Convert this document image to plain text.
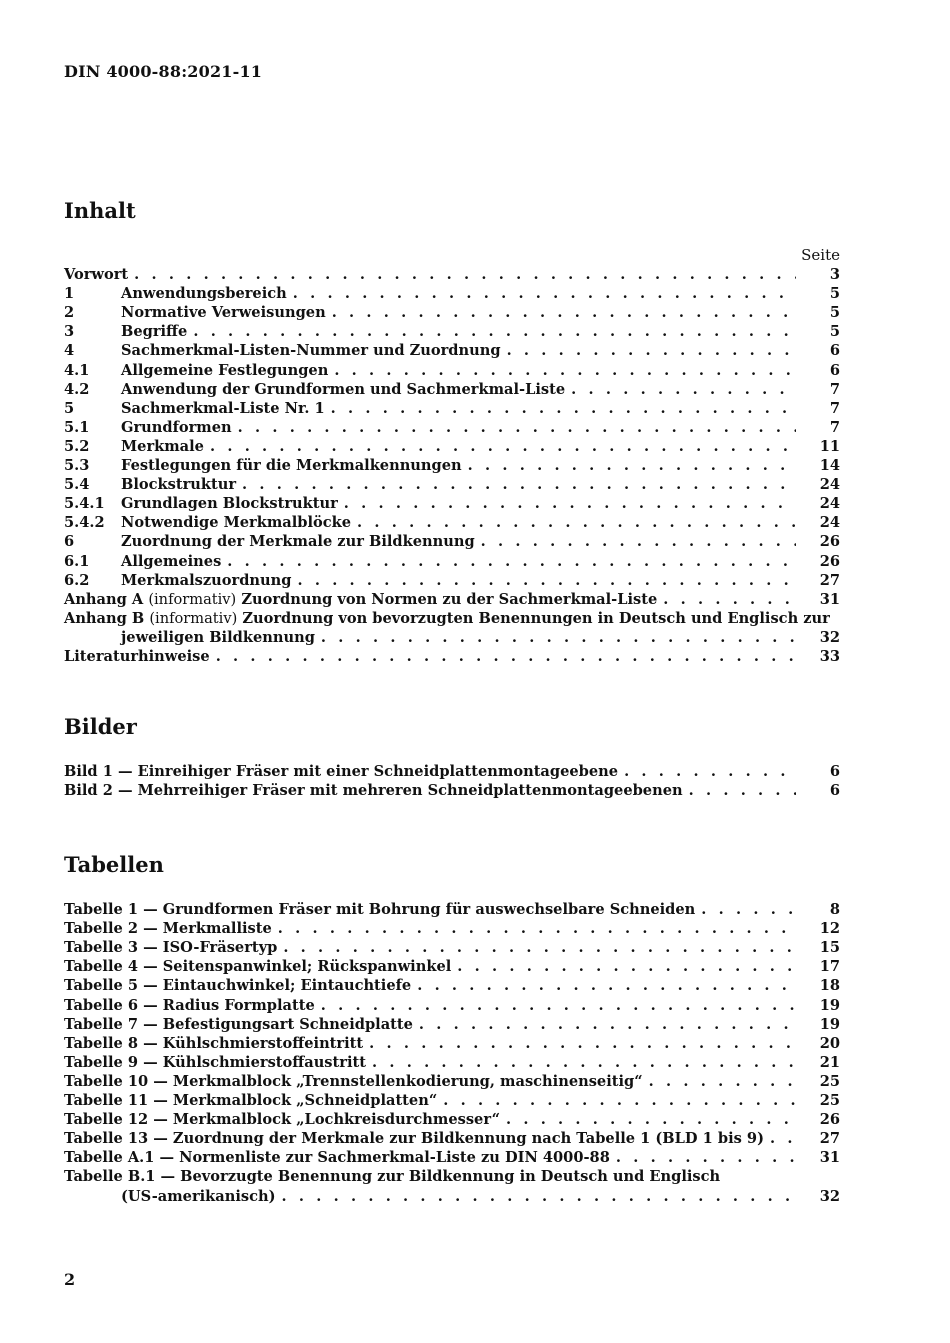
DIN 4000-88:2021-11
Inhalt
Seite
Vorwort . . .	3
1	Anwendungsbereich . . .	5
2	Normative Verweisungen . . .	5
3	Begriffe . . .	5
4	Sachmerkmal-Listen-Nummer und Zuordnung . . .	6
4.1	Allgemeine Festlegungen . . .	6
4.2	Anwendung der Grundformen und Sachmerkmal-Liste . . .	7
5	Sachmerkmal-Liste Nr. 1 . . .	7
5.1	Grundformen . . .	7
5.2	Merkmale . . .	11
5.3	Festlegungen für die Merkmalkennungen . . .	14
5.4	Blockstruktur . . .	24
5.4.1	Grundlagen Blockstruktur . . .	24
5.4.2	Notwendige Merkmalblöcke . . .	24
6	Zuordnung der Merkmale zur Bildkennung . . .	26
6.1	Allgemeines . . .	26
6.2	Merkmalszuordnung . . .	27
Anhang A (informativ) Zuordnung von Normen zu der Sachmerkmal-Liste . . .	31
Anhang B (informativ) Zuordnung von bevorzugten Benennungen in Deutsch und Englisch zur
jeweiligen Bildkennung . . .	32
Literaturhinweise . . .	33
Bilder
Bild 1 — Einreihiger Fräser mit einer Schneidplattenmontageebene . . .	6
Bild 2 — Mehrreihiger Fräser mit mehreren Schneidplattenmontageebenen . . .	6
Tabellen
Tabelle 1 — Grundformen Fräser mit Bohrung für auswechselbare Schneiden . . .	8
Tabelle 2 — Merkmalliste . . .	12
Tabelle 3 — ISO-Fräsertyp . . .	15
Tabelle 4 — Seitenspanwinkel; Rückspanwinkel . . .	17
Tabelle 5 — Eintauchwinkel; Eintauchtiefe . . .	18
Tabelle 6 — Radius Formplatte . . .	19
Tabelle 7 — Befestigungsart Schneidplatte . . .	19
Tabelle 8 — Kühlschmierstoffeintritt . . .	20
Tabelle 9 — Kühlschmierstoffaustritt . . .	21
Tabelle 10 — Merkmalblock „Trennstellenkodierung, maschinenseitig“ . . .	25
Tabelle 11 — Merkmalblock „Schneidplatten“ . . .	25
Tabelle 12 — Merkmalblock „Lochkreisdurchmesser“ . . .	26
Tabelle 13 — Zuordnung der Merkmale zur Bildkennung nach Tabelle 1 (BLD 1 bis 9) . . .	27
Tabelle A.1 — Normenliste zur Sachmerkmal-Liste zu DIN 4000-88 . . .	31
Tabelle B.1 — Bevorzugte Benennung zur Bildkennung in Deutsch und Englisch
(US-amerikanisch) . . .	32
2
